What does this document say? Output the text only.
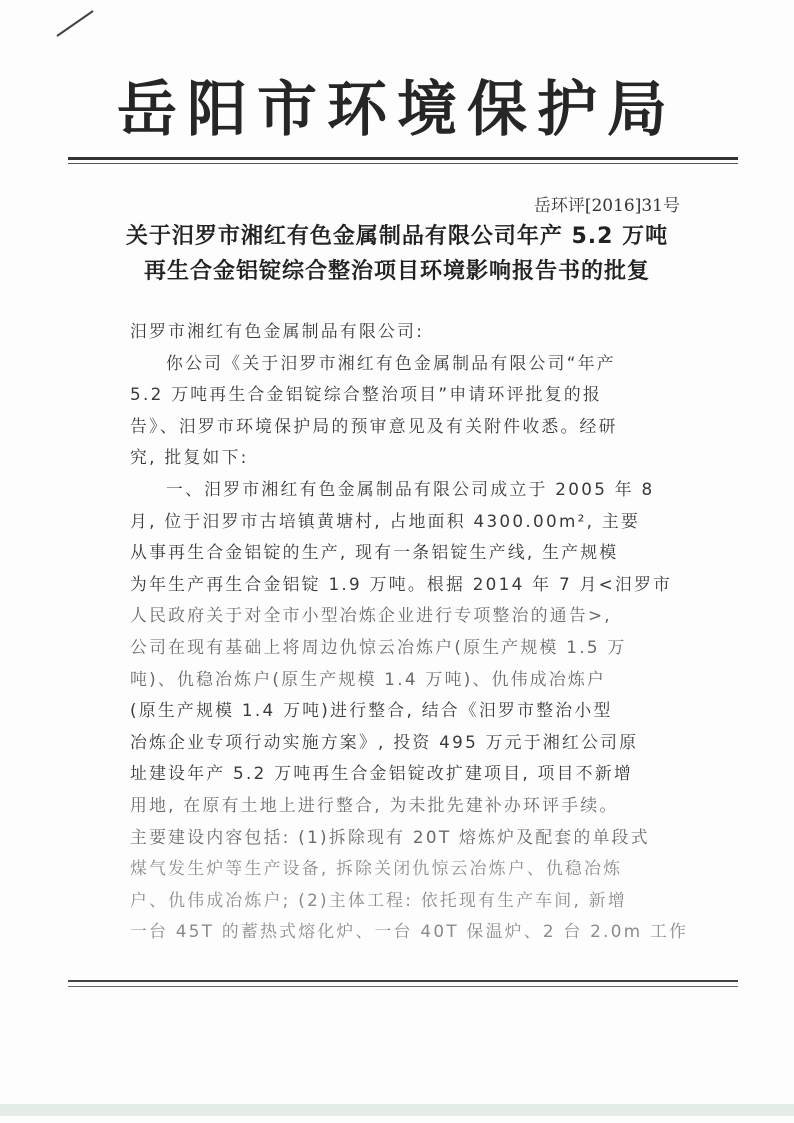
岳阳市环境保护局
岳环评[2016]31号
关于汨罗市湘红有色金属制品有限公司年产 5.2 万吨
再生合金铝锭综合整治项目环境影响报告书的批复
汨罗市湘红有色金属制品有限公司:
你公司《关于汨罗市湘红有色金属制品有限公司“年产
5.2 万吨再生合金铝锭综合整治项目”申请环评批复的报
告》、汨罗市环境保护局的预审意见及有关附件收悉。经研
究, 批复如下:
一、汨罗市湘红有色金属制品有限公司成立于 2005 年 8
月, 位于汨罗市古培镇黄塘村, 占地面积 4300.00m², 主要
从事再生合金铝锭的生产, 现有一条铝锭生产线, 生产规模
为年生产再生合金铝锭 1.9 万吨。根据 2014 年 7 月<汨罗市
人民政府关于对全市小型冶炼企业进行专项整治的通告>,
公司在现有基础上将周边仇惊云冶炼户(原生产规模 1.5 万
吨)、仇稳冶炼户(原生产规模 1.4 万吨)、仇伟成冶炼户
(原生产规模 1.4 万吨)进行整合, 结合《汨罗市整治小型
冶炼企业专项行动实施方案》, 投资 495 万元于湘红公司原
址建设年产 5.2 万吨再生合金铝锭改扩建项目, 项目不新增
用地, 在原有土地上进行整合, 为未批先建补办环评手续。
主要建设内容包括: (1)拆除现有 20T 熔炼炉及配套的单段式
煤气发生炉等生产设备, 拆除关闭仇惊云冶炼户、仇稳冶炼
户、仇伟成冶炼户; (2)主体工程: 依托现有生产车间, 新增
一台 45T 的蓄热式熔化炉、一台 40T 保温炉、2 台 2.0m 工作
